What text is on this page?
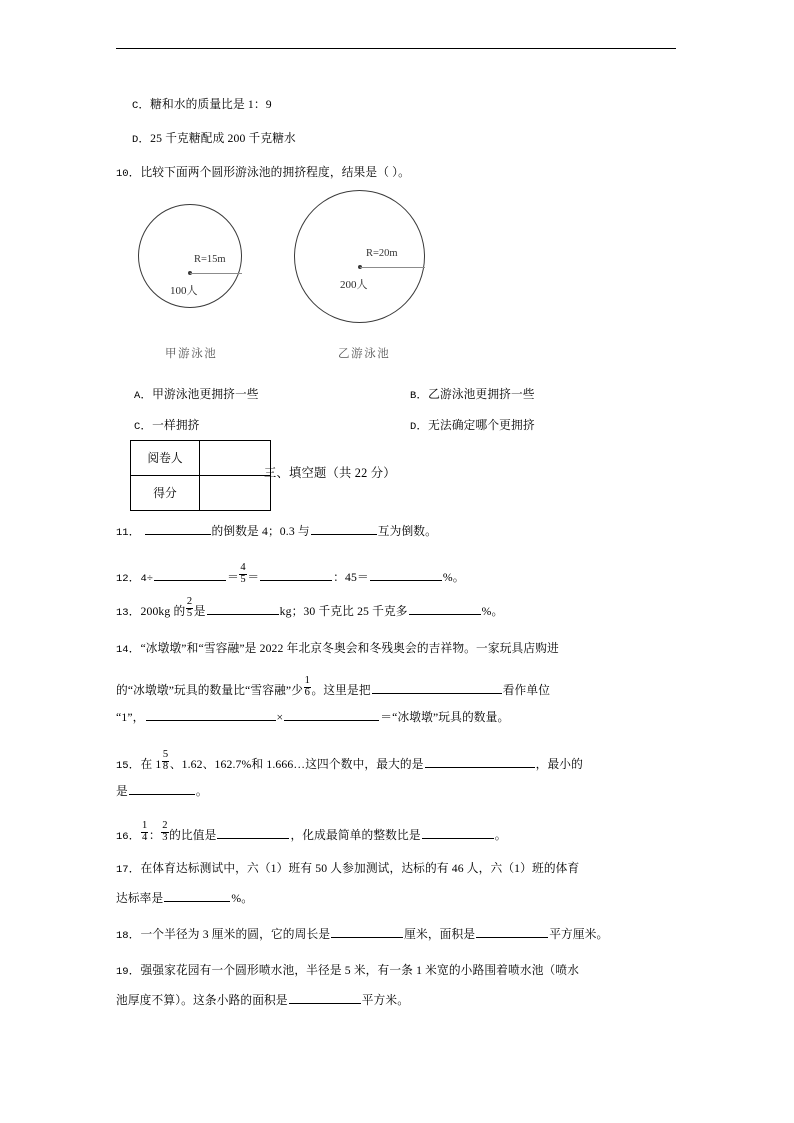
C．糖和水的质量比是 1：9
D．25 千克糖配成 200 千克糖水
10．比较下面两个圆形游泳池的拥挤程度，结果是（ ）。
R=15m
100人
甲游泳池
R=20m
200人
乙游泳池
A．甲游泳池更拥挤一些	B．乙游泳池更拥挤一些
C．一样拥挤	D．无法确定哪个更拥挤
阅卷人	
得分	
三、填空题（共 22 分）
11．	的倒数是 4；0.3 与	互为倒数。
12．4÷	＝ $\frac{4}{5}$ ＝	：45＝	%。
13．200kg 的 $\frac{2}{5}$ 是	kg；30 千克比 25 千克多	%。
14．“冰墩墩”和“雪容融”是 2022 年北京冬奥会和冬残奥会的吉祥物。一家玩具店购进
的“冰墩墩”玩具的数量比“雪容融”少 $\frac{1}{6}$ 。这里是把	看作单位
“1”，	×	＝“冰墩墩”玩具的数量。
15．在 $1 \frac{5}{8}$ 、1.62、162.7%和 1.666…这四个数中，最大的是	，最小的
是	。
16． $\frac{1}{4}$ ： $\frac{2}{3}$ 的比值是	，化成最简单的整数比是	。
17．在体育达标测试中，六（1）班有 50 人参加测试，达标的有 46 人，六（1）班的体育
达标率是	%。
18．一个半径为 3 厘米的圆，它的周长是	厘米，面积是	平方厘米。
19．强强家花园有一个圆形喷水池，半径是 5 米，有一条 1 米宽的小路围着喷水池（喷水
池厚度不算）。这条小路的面积是	平方米。
